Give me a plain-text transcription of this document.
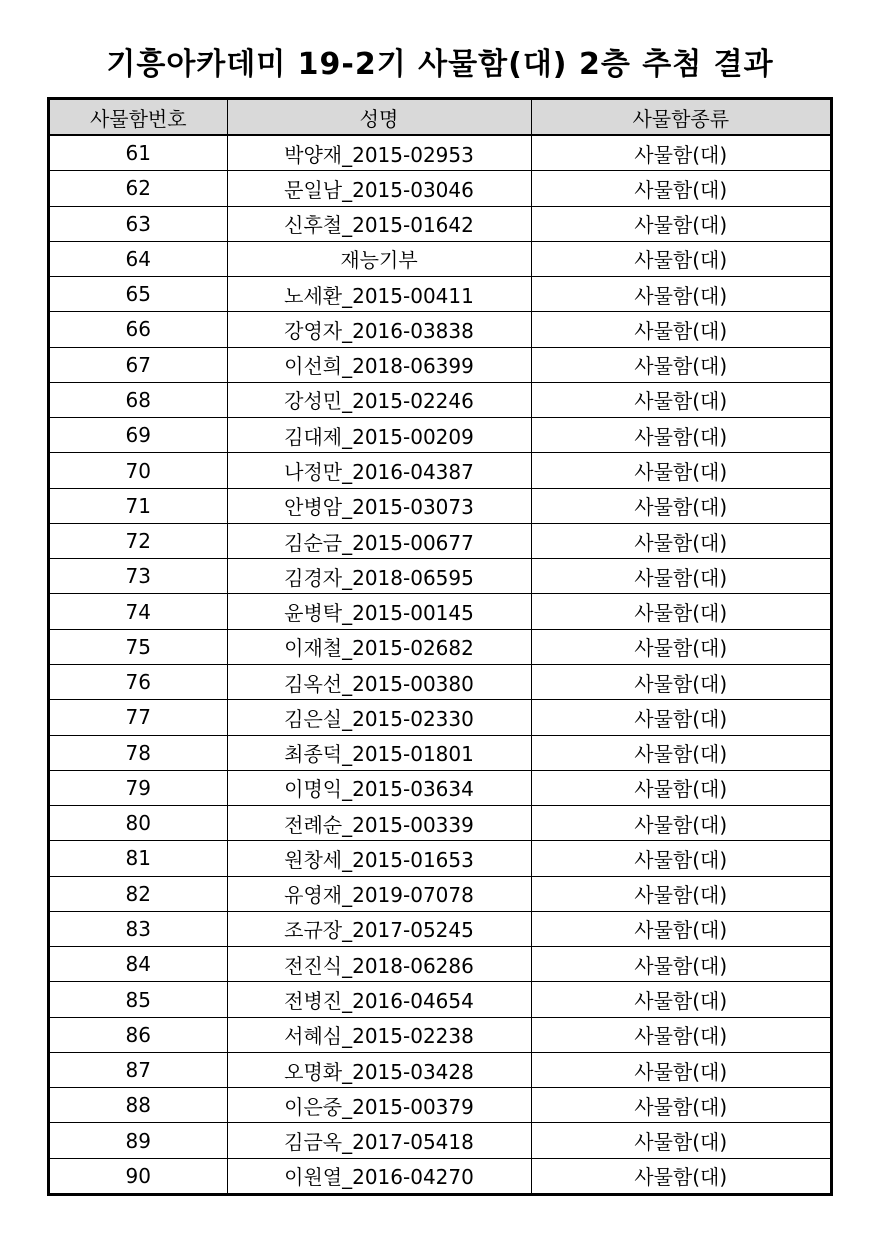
기흥아카데미 19-2기 사물함(대) 2층 추첨 결과
사물함번호	성명	사물함종류
61	박양재_2015-02953	사물함(대)
62	문일남_2015-03046	사물함(대)
63	신후철_2015-01642	사물함(대)
64	재능기부	사물함(대)
65	노세환_2015-00411	사물함(대)
66	강영자_2016-03838	사물함(대)
67	이선희_2018-06399	사물함(대)
68	강성민_2015-02246	사물함(대)
69	김대제_2015-00209	사물함(대)
70	나정만_2016-04387	사물함(대)
71	안병암_2015-03073	사물함(대)
72	김순금_2015-00677	사물함(대)
73	김경자_2018-06595	사물함(대)
74	윤병탁_2015-00145	사물함(대)
75	이재철_2015-02682	사물함(대)
76	김옥선_2015-00380	사물함(대)
77	김은실_2015-02330	사물함(대)
78	최종덕_2015-01801	사물함(대)
79	이명익_2015-03634	사물함(대)
80	전례순_2015-00339	사물함(대)
81	원창세_2015-01653	사물함(대)
82	유영재_2019-07078	사물함(대)
83	조규장_2017-05245	사물함(대)
84	전진식_2018-06286	사물함(대)
85	전병진_2016-04654	사물함(대)
86	서혜심_2015-02238	사물함(대)
87	오명화_2015-03428	사물함(대)
88	이은중_2015-00379	사물함(대)
89	김금옥_2017-05418	사물함(대)
90	이원열_2016-04270	사물함(대)
